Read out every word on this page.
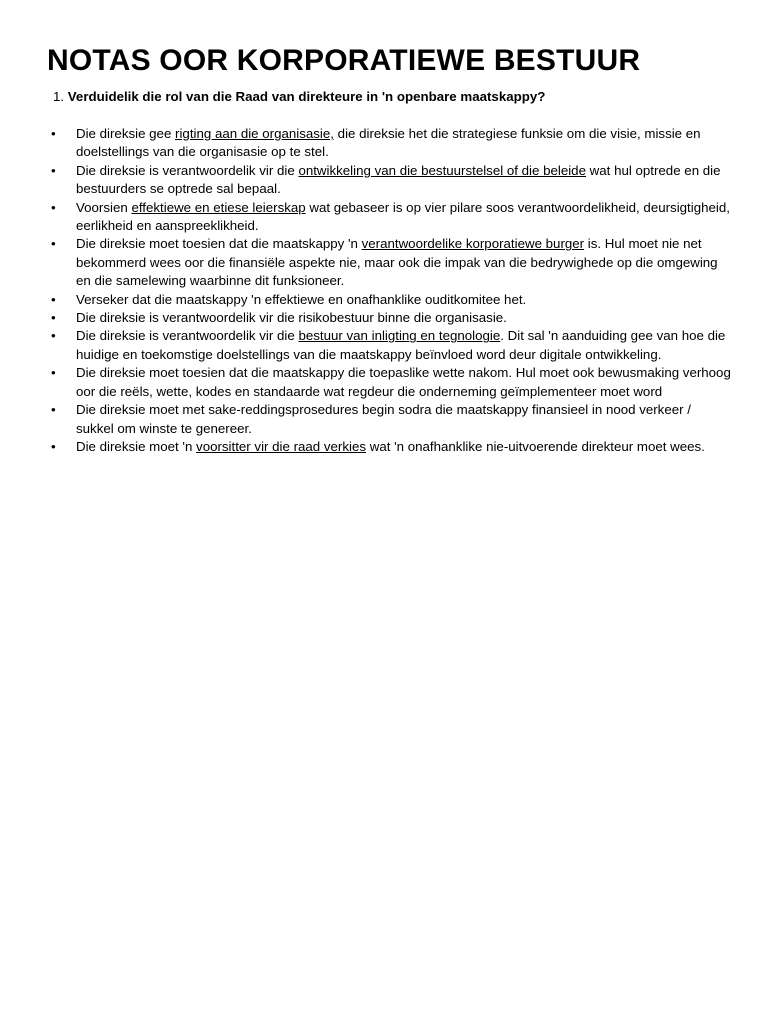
NOTAS OOR KORPORATIEWE BESTUUR

1. Verduidelik die rol van die Raad van direkteure in 'n openbare maatskappy?

• Die direksie gee rigting aan die organisasie, die direksie het die strategiese funksie om die visie, missie en doelstellings van die organisasie op te stel.
• Die direksie is verantwoordelik vir die ontwikkeling van die bestuurstelsel of die beleide wat hul optrede en die bestuurders se optrede sal bepaal.
• Voorsien effektiewe en etiese leierskap wat gebaseer is op vier pilare soos verantwoordelikheid, deursigtigheid, eerlikheid en aanspreeklikheid.
• Die direksie moet toesien dat die maatskappy 'n verantwoordelike korporatiewe burger is. Hul moet nie net bekommerd wees oor die finansiële aspekte nie, maar ook die impak van die bedrywighede op die omgewing en die samelewing waarbinne dit funksioneer.
• Verseker dat die maatskappy 'n effektiewe en onafhanklike ouditkomitee het.
• Die direksie is verantwoordelik vir die risikobestuur binne die organisasie.
• Die direksie is verantwoordelik vir die bestuur van inligting en tegnologie. Dit sal 'n aanduiding gee van hoe die huidige en toekomstige doelstellings van die maatskappy beïnvloed word deur digitale ontwikkeling.
• Die direksie moet toesien dat die maatskappy die toepaslike wette nakom. Hul moet ook bewusmaking verhoog oor die reëls, wette, kodes en standaarde wat regdeur die onderneming geïmplementeer moet word
• Die direksie moet met sake-reddingsprosedures begin sodra die maatskappy finansieel in nood verkeer / sukkel om winste te genereer.
• Die direksie moet 'n voorsitter vir die raad verkies wat 'n onafhanklike nie-uitvoerende direkteur moet wees.
